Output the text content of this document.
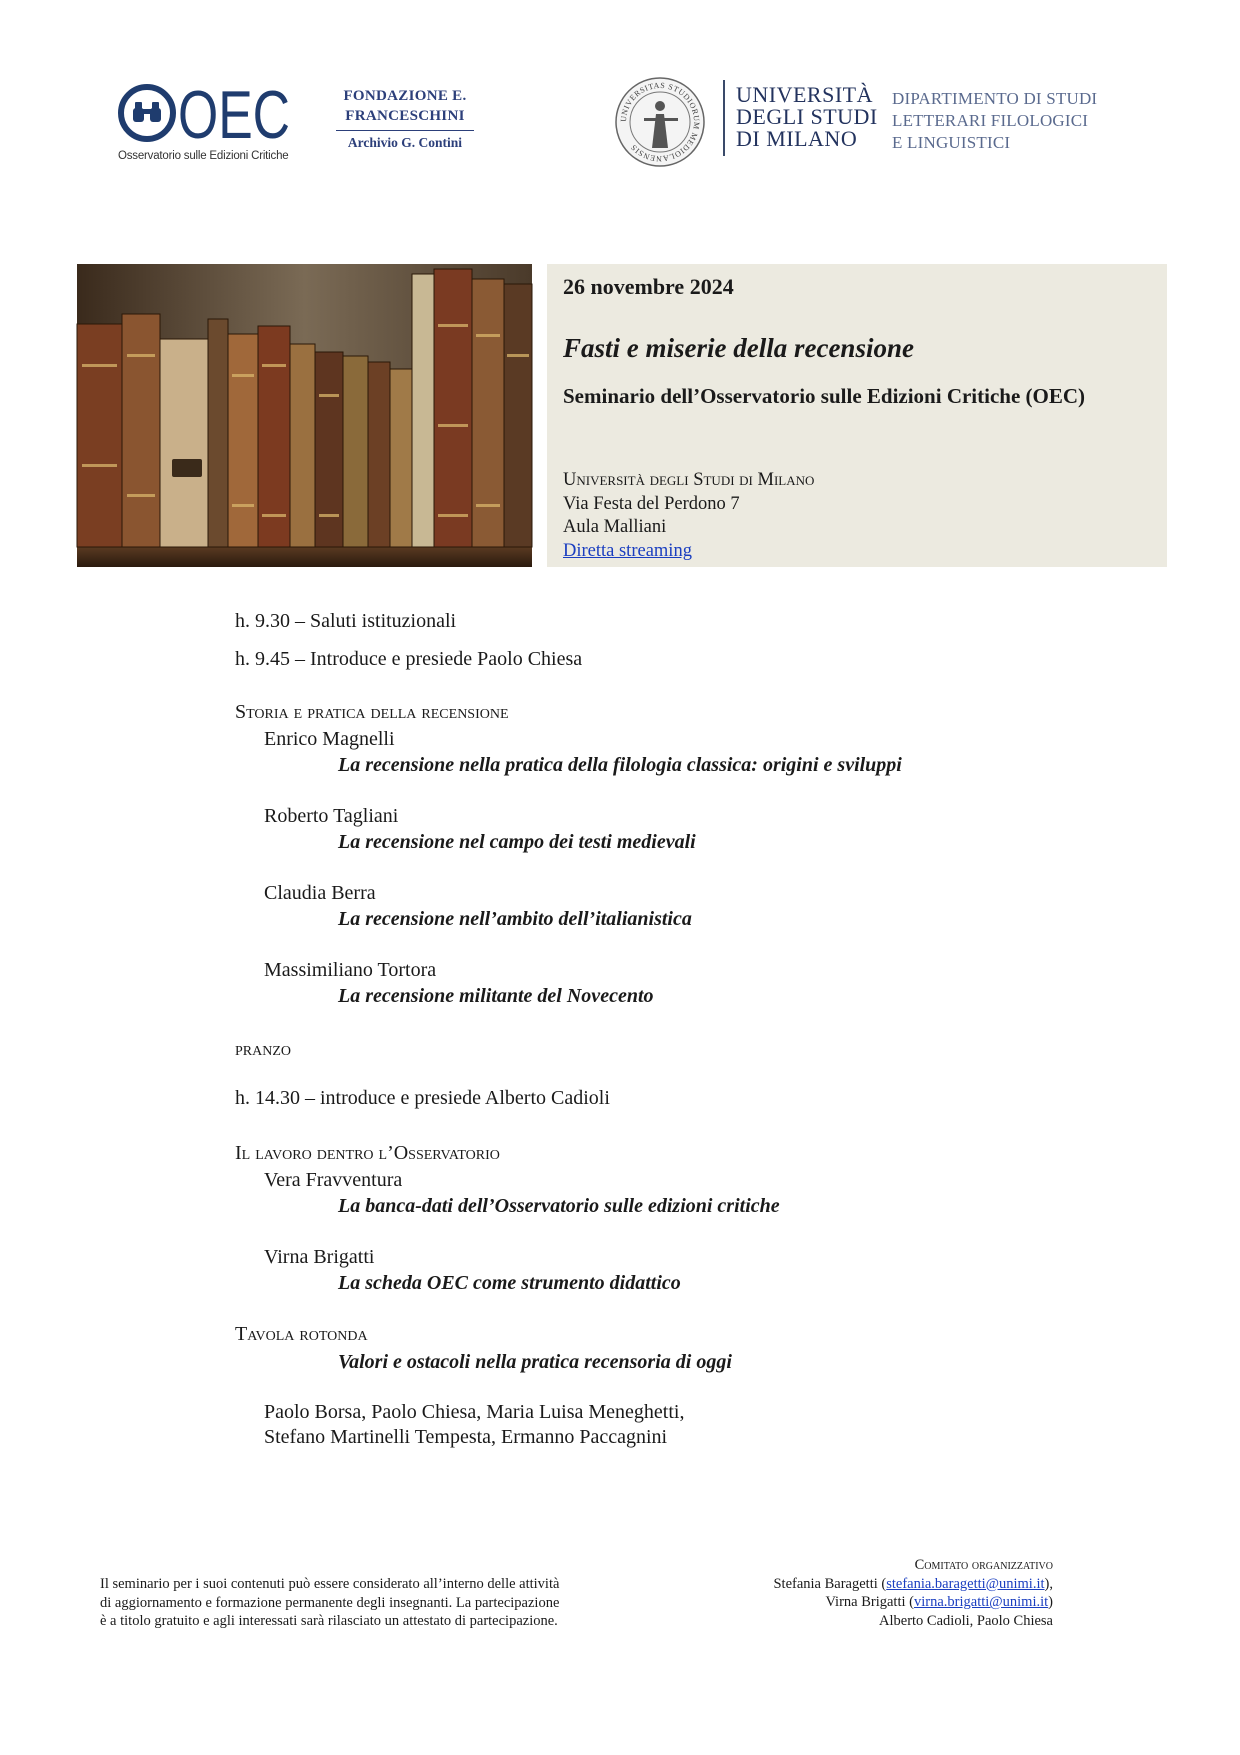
OEC
Osservatorio sulle Edizioni Critiche
FONDAZIONE E.
FRANCESCHINI
Archivio G. Contini
UNIVERSITAS STUDIORUM MEDIOLANENSIS
UNIVERSITÀ
DEGLI STUDI
DI MILANO
DIPARTIMENTO DI STUDI
LETTERARI FILOLOGICI
E LINGUISTICI
26 novembre 2024
Fasti e miserie della recensione
Seminario dell’Osservatorio sulle Edizioni Critiche (OEC)
Università degli Studi di Milano
Via Festa del Perdono 7
Aula Malliani
Diretta streaming
h. 9.30 – Saluti istituzionali
h. 9.45 – Introduce e presiede Paolo Chiesa
Storia e pratica della recensione
Enrico Magnelli
La recensione nella pratica della filologia classica: origini e sviluppi
Roberto Tagliani
La recensione nel campo dei testi medievali
Claudia Berra
La recensione nell’ambito dell’italianistica
Massimiliano Tortora
La recensione militante del Novecento
pranzo
h. 14.30 – introduce e presiede Alberto Cadioli
Il lavoro dentro l’Osservatorio
Vera Fravventura
La banca-dati dell’Osservatorio sulle edizioni critiche
Virna Brigatti
La scheda OEC come strumento didattico
Tavola rotonda
Valori e ostacoli nella pratica recensoria di oggi
Paolo Borsa, Paolo Chiesa, Maria Luisa Meneghetti,
Stefano Martinelli Tempesta, Ermanno Paccagnini
Il seminario per i suoi contenuti può essere considerato all’interno delle attività
di aggiornamento e formazione permanente degli insegnanti. La partecipazione
è a titolo gratuito e agli interessati sarà rilasciato un attestato di partecipazione.
Comitato organizzativo
Stefania Baragetti (stefania.baragetti@unimi.it),
Virna Brigatti (virna.brigatti@unimi.it)
Alberto Cadioli, Paolo Chiesa
